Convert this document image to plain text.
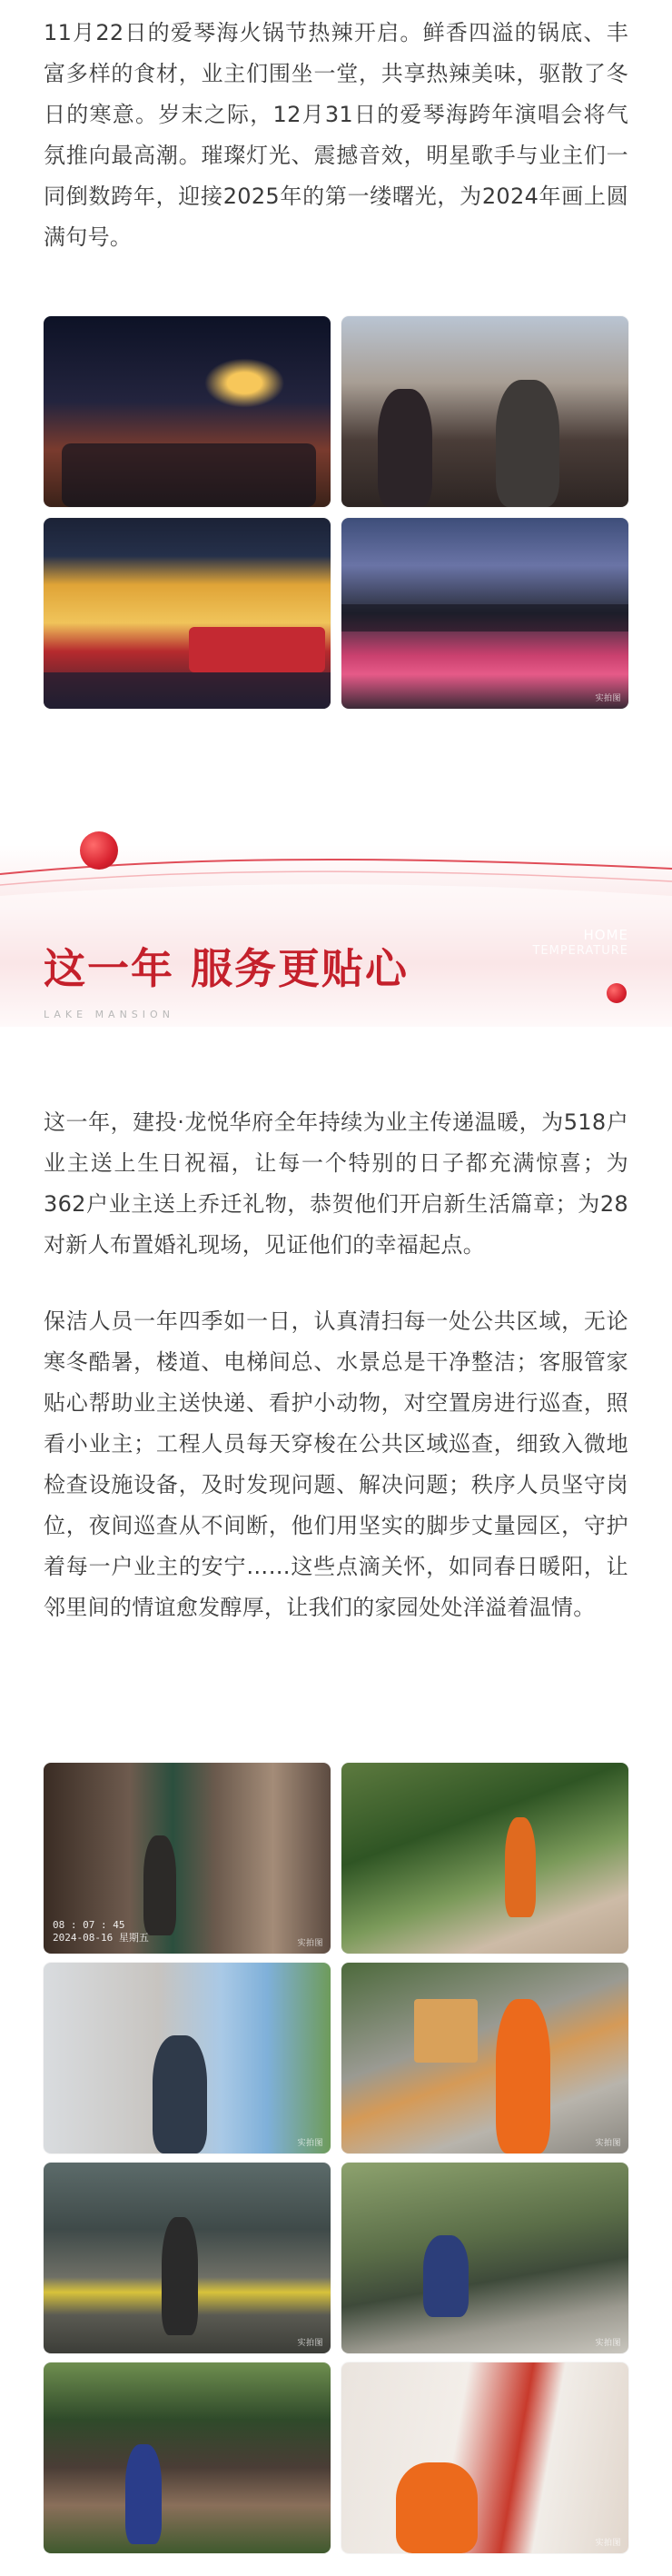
11月22日的爱琴海火锅节热辣开启。鲜香四溢的锅底、丰富多样的食材，业主们围坐一堂，共享热辣美味，驱散了冬日的寒意。岁末之际，12月31日的爱琴海跨年演唱会将气氛推向最高潮。璀璨灯光、震撼音效，明星歌手与业主们一同倒数跨年，迎接2025年的第一缕曙光，为2024年画上圆满句号。

实拍图
HOME
TEMPERATURE
这一年 服务更贴心
LAKE MANSION

这一年，建投·龙悦华府全年持续为业主传递温暖，为518户业主送上生日祝福，让每一个特别的日子都充满惊喜；为362户业主送上乔迁礼物，恭贺他们开启新生活篇章；为28对新人布置婚礼现场，见证他们的幸福起点。

保洁人员一年四季如一日，认真清扫每一处公共区域，无论寒冬酷暑，楼道、电梯间总、水景总是干净整洁；客服管家贴心帮助业主送快递、看护小动物，对空置房进行巡查，照看小业主；工程人员每天穿梭在公共区域巡查，细致入微地检查设施设备，及时发现问题、解决问题；秩序人员坚守岗位，夜间巡查从不间断，他们用坚实的脚步丈量园区，守护着每一户业主的安宁……这些点滴关怀，如同春日暖阳，让邻里间的情谊愈发醇厚，让我们的家园处处洋溢着温情。

08 : 07 : 45
2024-08-16 星期五	实拍图
实拍图	实拍图
实拍图	实拍图
实拍图
